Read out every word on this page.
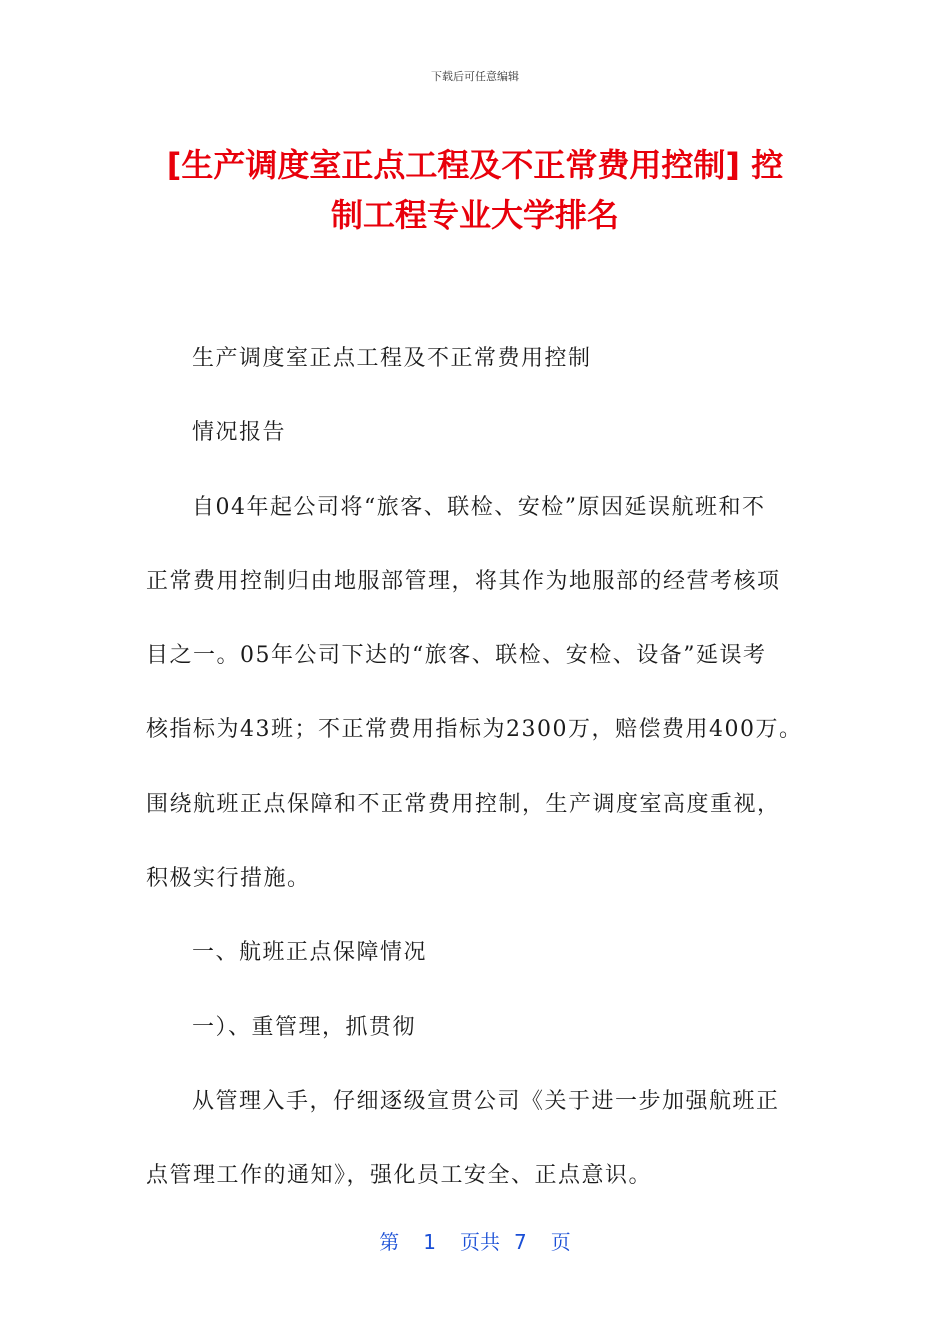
下载后可任意编辑
[生产调度室正点工程及不正常费用控制] 控
制工程专业大学排名

生产调度室正点工程及不正常费用控制

情况报告

自04年起公司将“旅客、联检、安检”原因延误航班和不
正常费用控制归由地服部管理，将其作为地服部的经营考核项
目之一。05年公司下达的“旅客、联检、安检、设备”延误考
核指标为43班；不正常费用指标为2300万，赔偿费用400万。
围绕航班正点保障和不正常费用控制，生产调度室高度重视，
积极实行措施。

一、航班正点保障情况

一）、重管理，抓贯彻

从管理入手，仔细逐级宣贯公司《关于进一步加强航班正
点管理工作的通知》，强化员工安全、正点意识。
第 1 页共 7 页
